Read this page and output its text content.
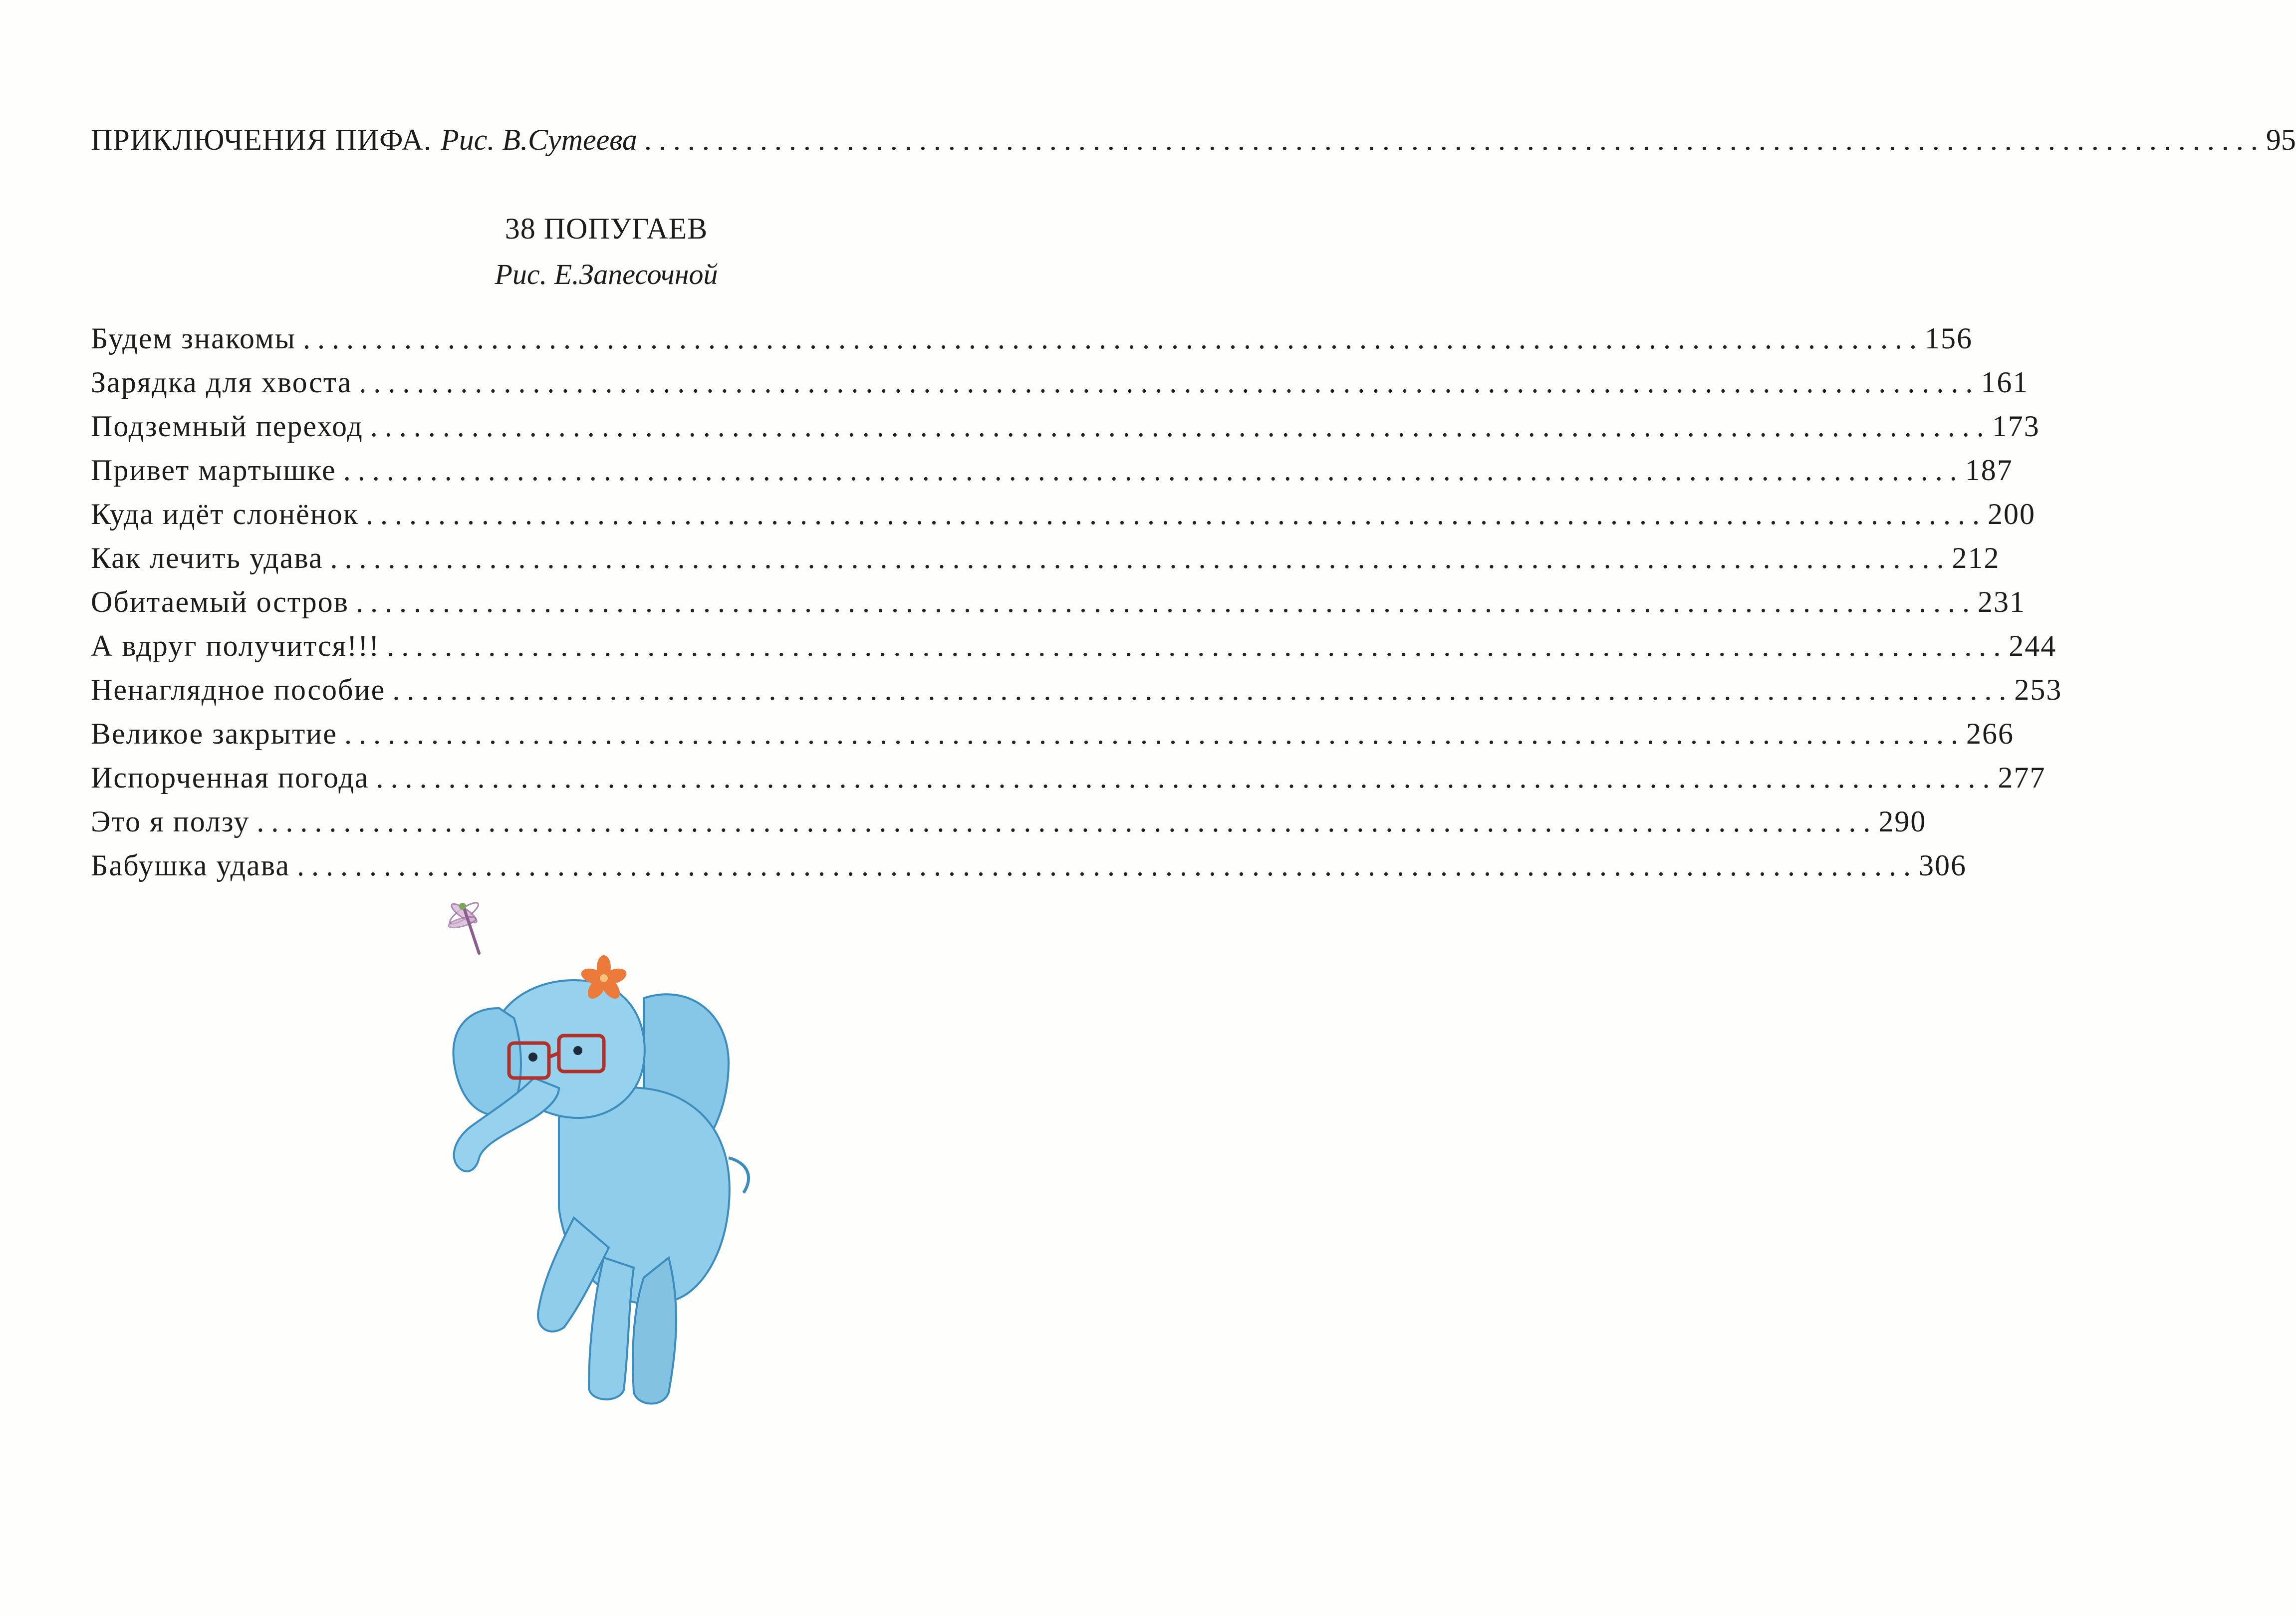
ПРИКЛЮЧЕНИЯ ПИФА. Рис. В.Сутеева ................................................................................................................ 95
38 ПОПУГАЕВ
Рис. Е.Запесочной
Будем знакомы ................................................................................................................ 156
Зарядка для хвоста ................................................................................................................ 161
Подземный переход ................................................................................................................ 173
Привет мартышке ................................................................................................................ 187
Куда идёт слонёнок ................................................................................................................ 200
Как лечить удава ................................................................................................................ 212
Обитаемый остров ................................................................................................................ 231
А вдруг получится!!! ................................................................................................................ 244
Ненаглядное пособие ................................................................................................................ 253
Великое закрытие ................................................................................................................ 266
Испорченная погода ................................................................................................................ 277
Это я ползу ................................................................................................................ 290
Бабушка удава ................................................................................................................ 306
